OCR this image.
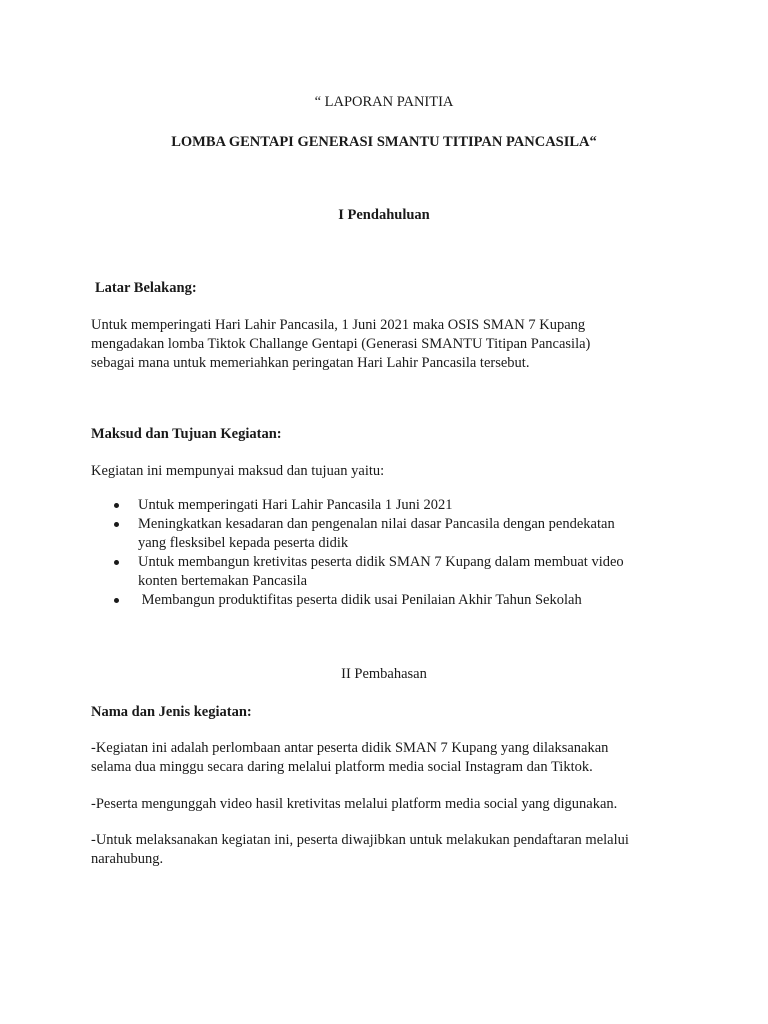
“ LAPORAN PANITIA
LOMBA GENTAPI GENERASI SMANTU TITIPAN PANCASILA“
I Pendahuluan
Latar Belakang:
Untuk memperingati Hari Lahir Pancasila, 1 Juni 2021 maka OSIS SMAN 7 Kupang
mengadakan lomba Tiktok Challange Gentapi (Generasi SMANTU Titipan Pancasila)
sebagai mana untuk memeriahkan peringatan Hari Lahir Pancasila tersebut.
Maksud dan Tujuan Kegiatan:
Kegiatan ini mempunyai maksud dan tujuan yaitu:
Untuk memperingati Hari Lahir Pancasila 1 Juni 2021
Meningkatkan kesadaran dan pengenalan nilai dasar Pancasila dengan pendekatan
yang flesksibel kepada peserta didik
Untuk membangun kretivitas peserta didik SMAN 7 Kupang dalam membuat video
konten bertemakan Pancasila
Membangun produktifitas peserta didik usai Penilaian Akhir Tahun Sekolah
II Pembahasan
Nama dan Jenis kegiatan:
-Kegiatan ini adalah perlombaan antar peserta didik SMAN 7 Kupang yang dilaksanakan
selama dua minggu secara daring melalui platform media social Instagram dan Tiktok.
-Peserta mengunggah video hasil kretivitas melalui platform media social yang digunakan.
-Untuk melaksanakan kegiatan ini, peserta diwajibkan untuk melakukan pendaftaran melalui
narahubung.
